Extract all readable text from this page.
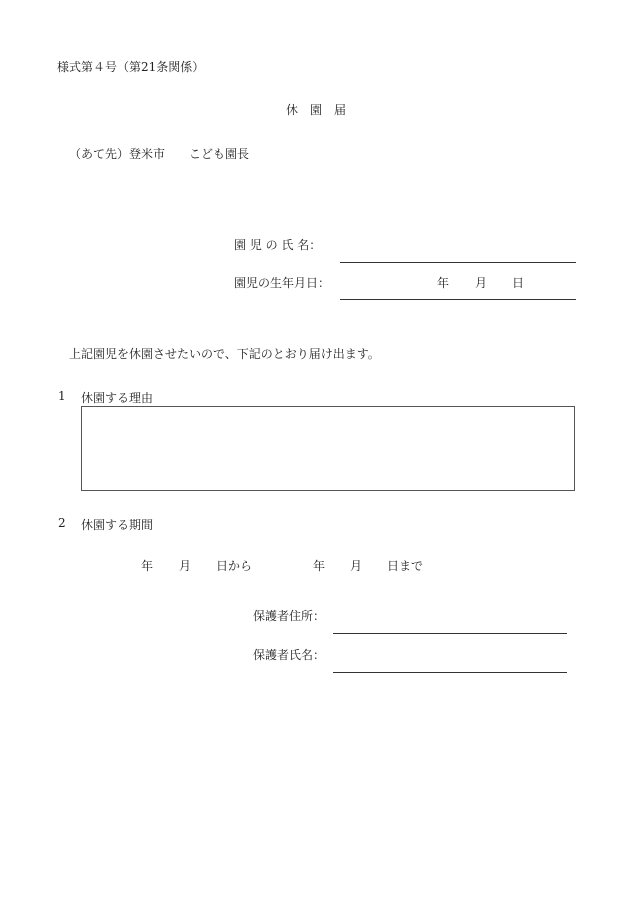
様式第４号（第21条関係）
休　園　届
（あて先）登米市　　こども園長
園 児 の 氏 名：
園児の生年月日：	年 月 日
上記園児を休園させたいので、下記のとおり届け出ます。
1 休園する理由
2 休園する期間
年 月 日から	年 月 日まで
保護者住所：
保護者氏名：
